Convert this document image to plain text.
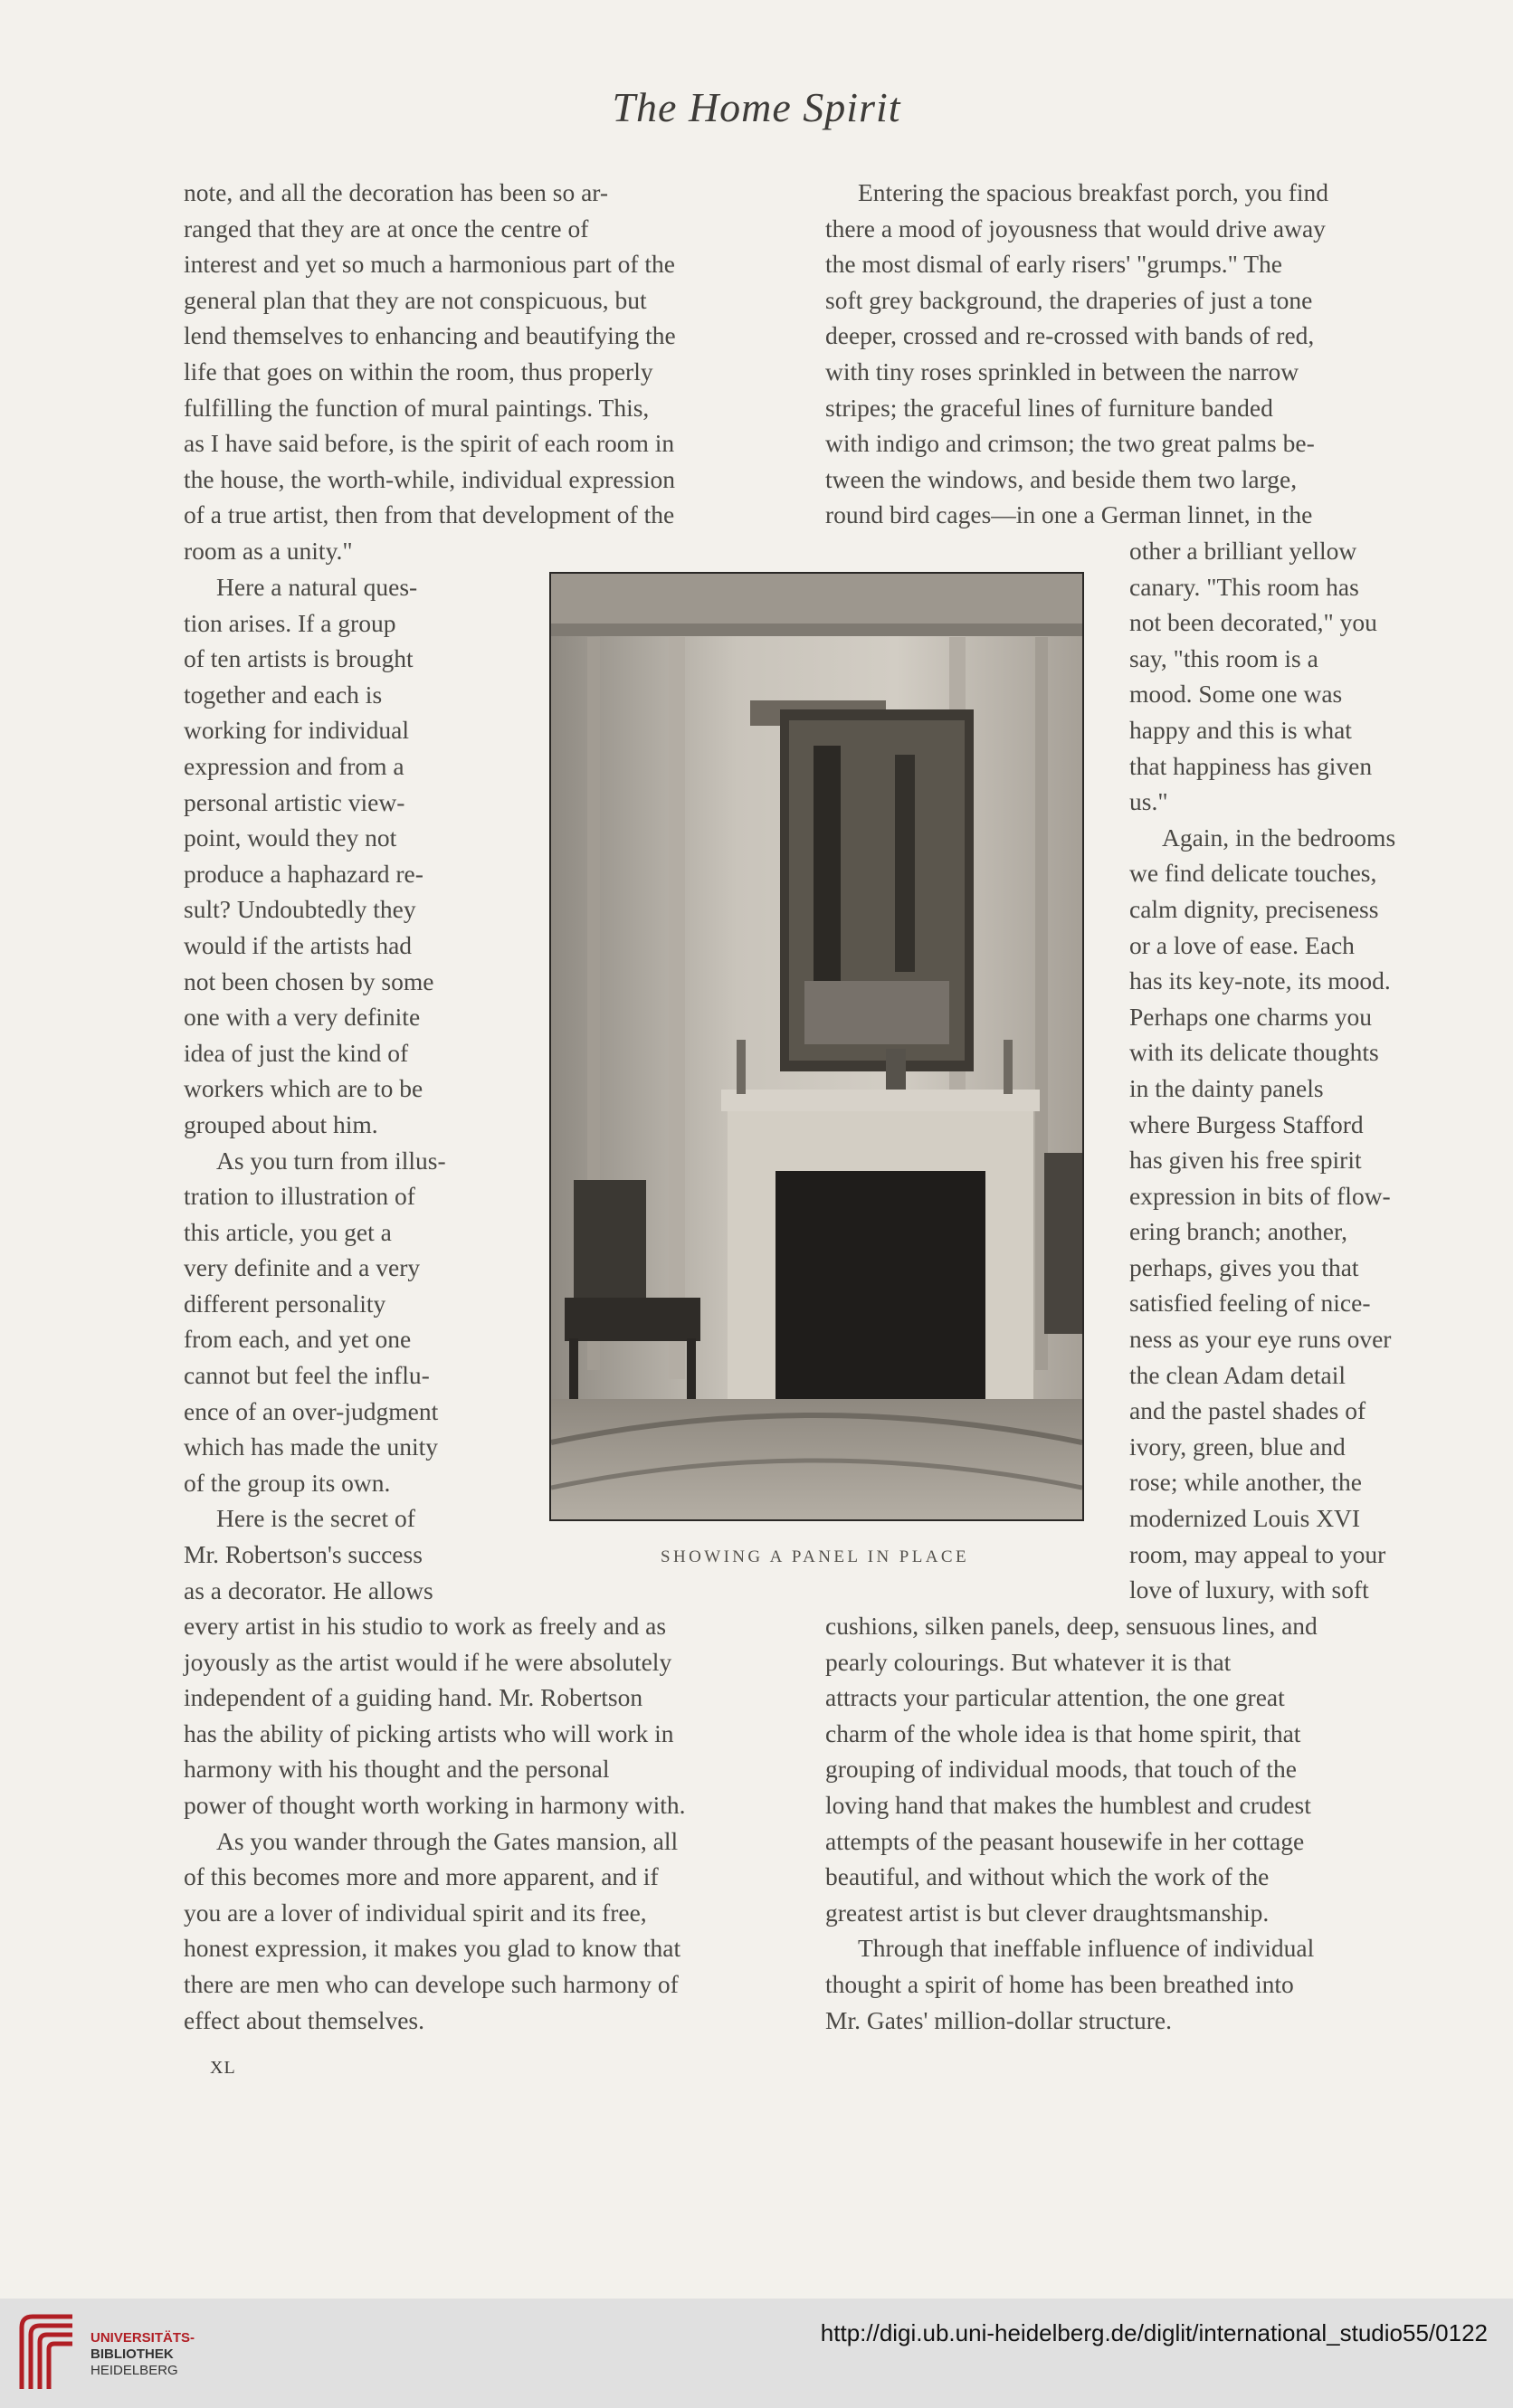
The Home Spirit

note, and all the decoration has been so ar-

ranged that they are at once the centre of

interest and yet so much a harmonious part of the

general plan that they are not conspicuous, but

lend themselves to enhancing and beautifying the

life that goes on within the room, thus properly

fulfilling the function of mural paintings. This,

as I have said before, is the spirit of each room in

the house, the worth-while, individual expression

of a true artist, then from that development of the

room as a unity."

Here a natural ques-

tion arises. If a group

of ten artists is brought

together and each is

working for individual

expression and from a

personal artistic view-

point, would they not

produce a haphazard re-

sult? Undoubtedly they

would if the artists had

not been chosen by some

one with a very definite

idea of just the kind of

workers which are to be

grouped about him.

As you turn from illus-

tration to illustration of

this article, you get a

very definite and a very

different personality

from each, and yet one

cannot but feel the influ-

ence of an over-judgment

which has made the unity

of the group its own.

Here is the secret of

Mr. Robertson's success

as a decorator. He allows

every artist in his studio to work as freely and as

joyously as the artist would if he were absolutely

independent of a guiding hand. Mr. Robertson

has the ability of picking artists who will work in

harmony with his thought and the personal

power of thought worth working in harmony with.

As you wander through the Gates mansion, all

of this becomes more and more apparent, and if

you are a lover of individual spirit and its free,

honest expression, it makes you glad to know that

there are men who can develope such harmony of

effect about themselves.

Entering the spacious breakfast porch, you find

there a mood of joyousness that would drive away

the most dismal of early risers' "grumps." The

soft grey background, the draperies of just a tone

deeper, crossed and re-crossed with bands of red,

with tiny roses sprinkled in between the narrow

stripes; the graceful lines of furniture banded

with indigo and crimson; the two great palms be-

tween the windows, and beside them two large,

round bird cages—in one a German linnet, in the

other a brilliant yellow

canary. "This room has

not been decorated," you

say, "this room is a

mood. Some one was

happy and this is what

that happiness has given

us."

Again, in the bedrooms

we find delicate touches,

calm dignity, preciseness

or a love of ease. Each

has its key-note, its mood.

Perhaps one charms you

with its delicate thoughts

in the dainty panels

where Burgess Stafford

has given his free spirit

expression in bits of flow-

ering branch; another,

perhaps, gives you that

satisfied feeling of nice-

ness as your eye runs over

the clean Adam detail

and the pastel shades of

ivory, green, blue and

rose; while another, the

modernized Louis XVI

room, may appeal to your

love of luxury, with soft

cushions, silken panels, deep, sensuous lines, and

pearly colourings. But whatever it is that

attracts your particular attention, the one great

charm of the whole idea is that home spirit, that

grouping of individual moods, that touch of the

loving hand that makes the humblest and crudest

attempts of the peasant housewife in her cottage

beautiful, and without which the work of the

greatest artist is but clever draughtsmanship.

Through that ineffable influence of individual

thought a spirit of home has been breathed into

Mr. Gates' million-dollar structure.

SHOWING A PANEL IN PLACE
XL
UNIVERSITÄTS-
BIBLIOTHEK
HEIDELBERG
http://digi.ub.uni-heidelberg.de/diglit/international_studio55/0122
